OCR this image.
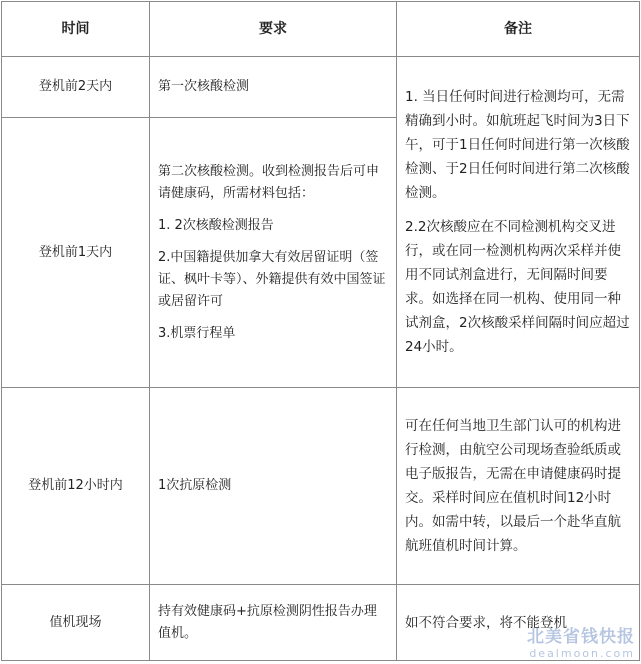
时间	要求	备注
登机前2天内	第一次核酸检测	1. 当日任何时间进行检测均可，无需精确到小时。如航班起飞时间为3日下午，可于1日任何时间进行第一次核酸检测、于2日任何时间进行第二次核酸检测。

2.2次核酸应在不同检测机构交叉进行，或在同一检测机构两次采样并使用不同试剂盒进行，无间隔时间要求。如选择在同一机构、使用同一种试剂盒，2次核酸采样间隔时间应超过24小时。

登机前1天内	第二次核酸检测。收到检测报告后可申请健康码，所需材料包括：

1. 2次核酸检测报告

2.中国籍提供加拿大有效居留证明（签证、枫叶卡等）、外籍提供有效中国签证或居留许可

3.机票行程单	

登机前12小时内	1次抗原检测	可在任何当地卫生部门认可的机构进行检测，由航空公司现场查验纸质或电子版报告，无需在申请健康码时提交。采样时间应在值机时间12小时内。如需中转，以最后一个赴华直航航班值机时间计算。
值机现场	持有效健康码+抗原检测阴性报告办理值机。	如不符合要求，将不能登机
北美省钱快报
dealmoon.com
